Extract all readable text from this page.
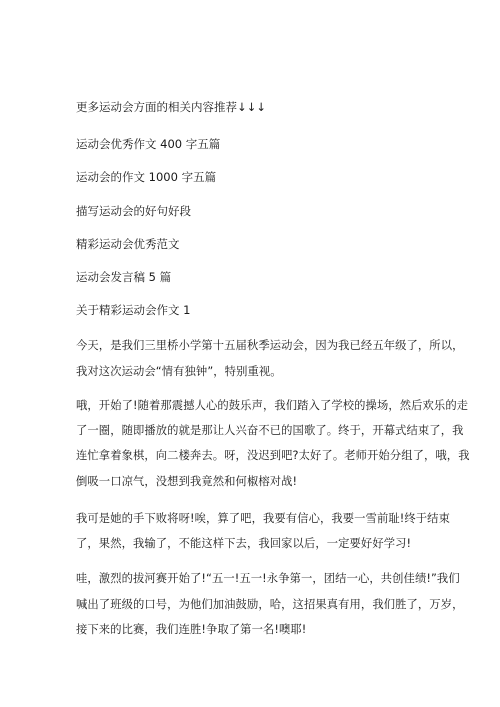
更多运动会方面的相关内容推荐↓↓↓

运动会优秀作文 400 字五篇

运动会的作文 1000 字五篇

描写运动会的好句好段

精彩运动会优秀范文

运动会发言稿 5 篇

关于精彩运动会作文 1

今天，是我们三里桥小学第十五届秋季运动会，因为我已经五年级了，所以，

我对这次运动会“情有独钟”，特别重视。

哦，开始了!随着那震撼人心的鼓乐声，我们踏入了学校的操场，然后欢乐的走

了一圈，随即播放的就是那让人兴奋不已的国歌了。终于，开幕式结束了，我

连忙拿着象棋，向二楼奔去。呀，没迟到吧?太好了。老师开始分组了，哦，我

倒吸一口凉气，没想到我竟然和何椒榕对战!

我可是她的手下败将呀!唉，算了吧，我要有信心，我要一雪前耻!终于结束

了，果然，我输了，不能这样下去，我回家以后，一定要好好学习!

哇，激烈的拔河赛开始了!“五一!五一!永争第一，团结一心，共创佳绩!”我们

喊出了班级的口号，为他们加油鼓励，哈，这招果真有用，我们胜了，万岁，

接下来的比赛，我们连胜!争取了第一名!噢耶!
